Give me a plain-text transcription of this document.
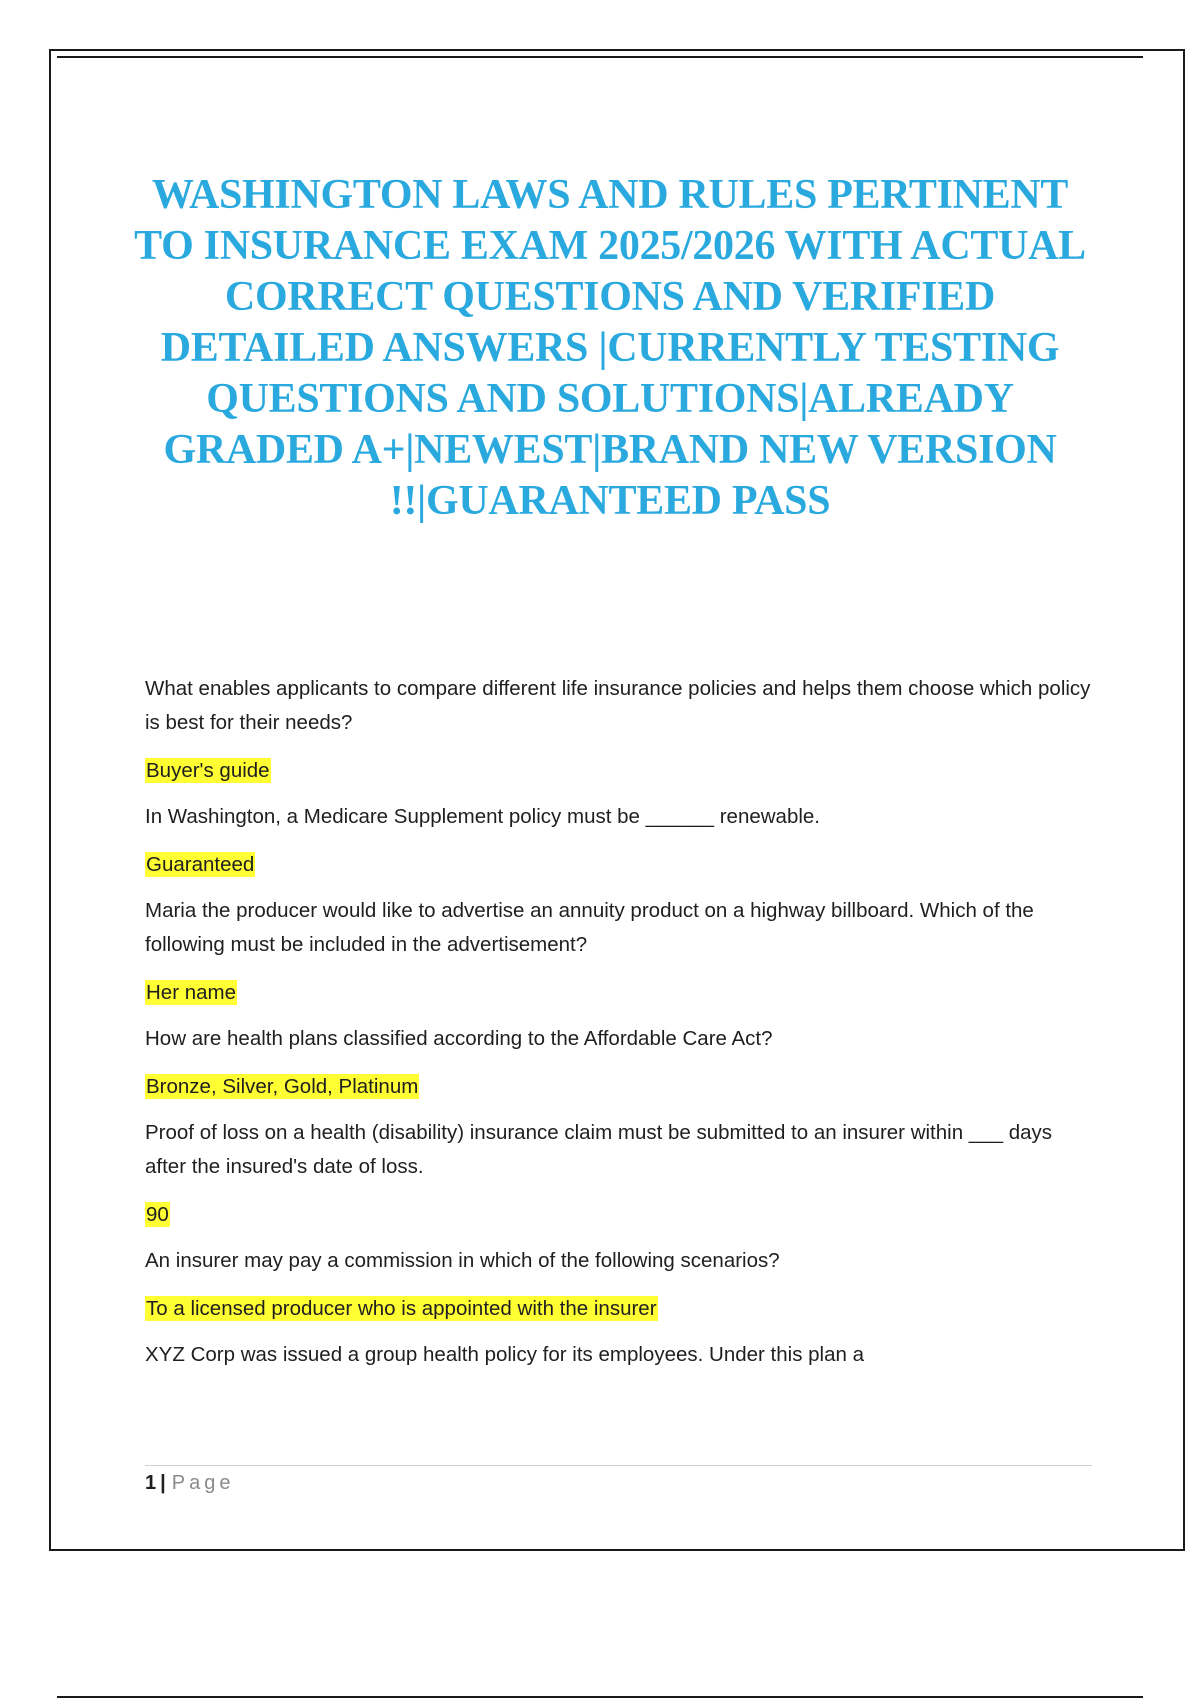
WASHINGTON LAWS AND RULES PERTINENT TO INSURANCE EXAM 2025/2026 WITH ACTUAL CORRECT QUESTIONS AND VERIFIED DETAILED ANSWERS |CURRENTLY TESTING QUESTIONS AND SOLUTIONS|ALREADY GRADED A+|NEWEST|BRAND NEW VERSION !!|GUARANTEED PASS

What enables applicants to compare different life insurance policies and helps them choose which policy is best for their needs?

Buyer's guide

In Washington, a Medicare Supplement policy must be ______ renewable.

Guaranteed

Maria the producer would like to advertise an annuity product on a highway billboard. Which of the following must be included in the advertisement?

Her name

How are health plans classified according to the Affordable Care Act?

Bronze, Silver, Gold, Platinum

Proof of loss on a health (disability) insurance claim must be submitted to an insurer within ___ days after the insured's date of loss.

90

An insurer may pay a commission in which of the following scenarios?

To a licensed producer who is appointed with the insurer

XYZ Corp was issued a group health policy for its employees. Under this plan a

1 | Page
